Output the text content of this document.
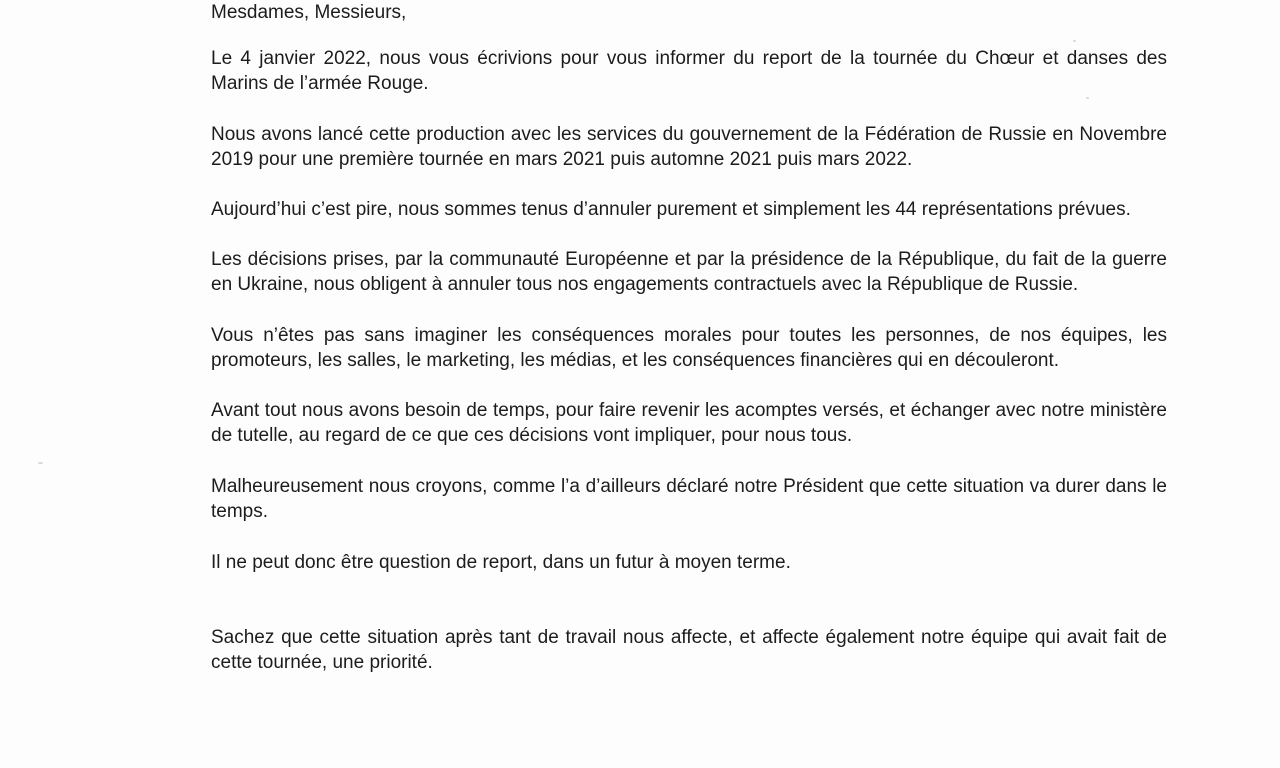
Mesdames, Messieurs,

Le 4 janvier 2022, nous vous écrivions pour vous informer du report de la tournée du Chœur et danses des Marins de l’armée Rouge.

Nous avons lancé cette production avec les services du gouvernement de la Fédération de Russie en Novembre 2019 pour une première tournée en mars 2021 puis automne 2021 puis mars 2022.

Aujourd’hui c’est pire, nous sommes tenus d’annuler purement et simplement les 44 représentations prévues.

Les décisions prises, par la communauté Européenne et par la présidence de la République, du fait de la guerre en Ukraine, nous obligent à annuler tous nos engagements contractuels avec la République de Russie.

Vous n’êtes pas sans imaginer les conséquences morales pour toutes les personnes, de nos équipes, les promoteurs, les salles, le marketing, les médias, et les conséquences financières qui en découleront.

Avant tout nous avons besoin de temps, pour faire revenir les acomptes versés, et échanger avec notre ministère de tutelle, au regard de ce que ces décisions vont impliquer, pour nous tous.

Malheureusement nous croyons, comme l’a d’ailleurs déclaré notre Président que cette situation va durer dans le temps.

Il ne peut donc être question de report, dans un futur à moyen terme.

Sachez que cette situation après tant de travail nous affecte, et affecte également notre équipe qui avait fait de cette tournée, une priorité.
